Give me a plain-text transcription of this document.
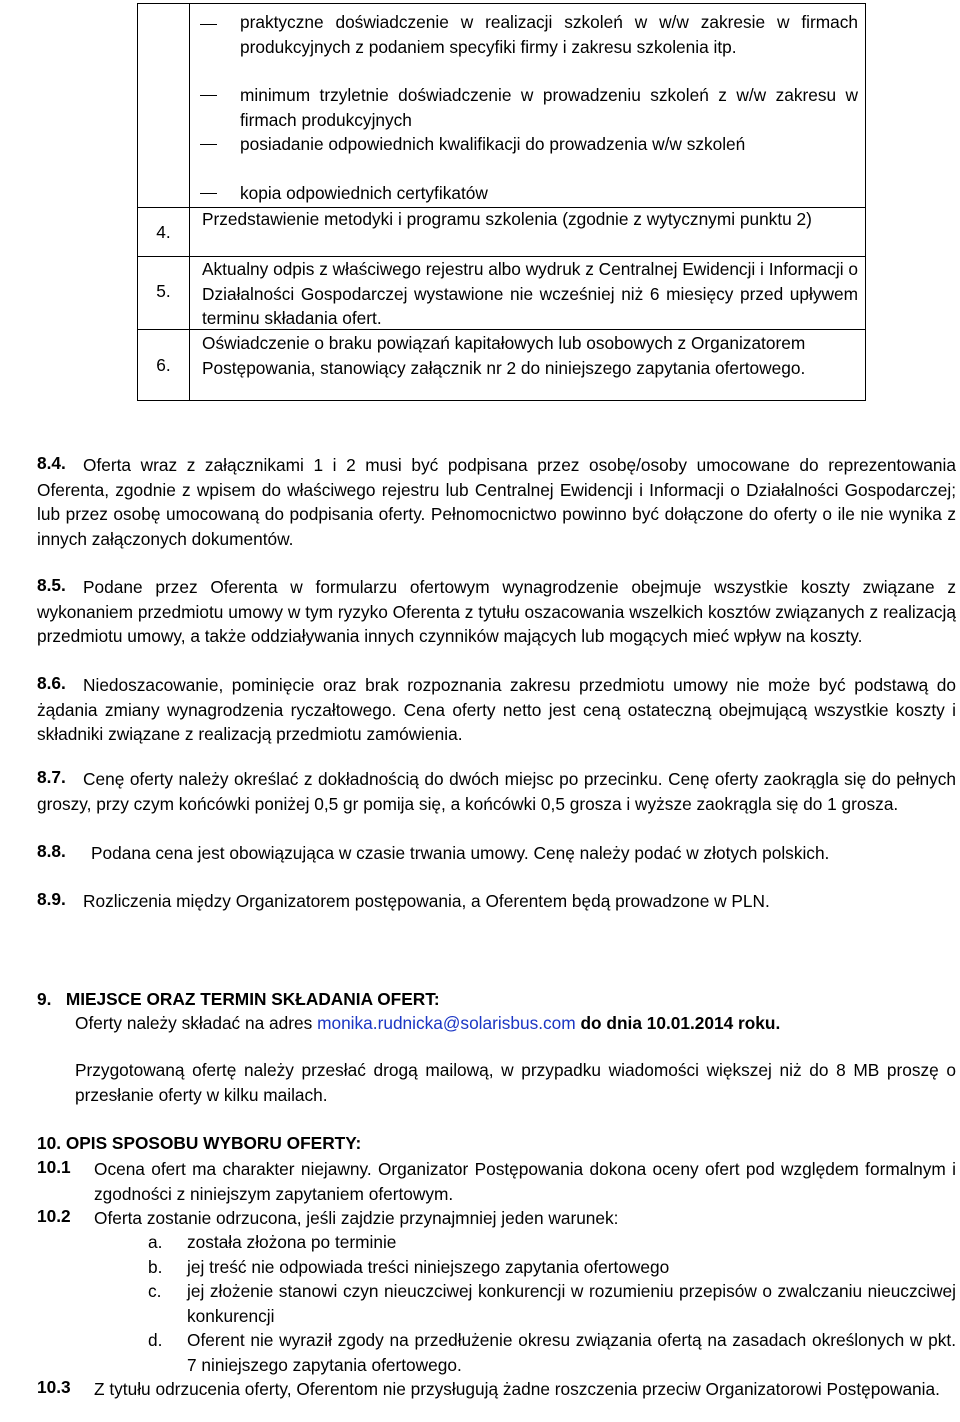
praktyczne doświadczenie w realizacji szkoleń w w/w zakresie w firmach produkcyjnych z podaniem specyfiki firmy i zakresu szkolenia itp.
minimum trzyletnie doświadczenie w prowadzeniu szkoleń z w/w zakresu w firmach produkcyjnych
posiadanie odpowiednich kwalifikacji do prowadzenia w/w szkoleń
kopia odpowiednich certyfikatów
4.
Przedstawienie metodyki i programu szkolenia (zgodnie z wytycznymi punktu 2)
5.
Aktualny odpis z właściwego rejestru albo wydruk z Centralnej Ewidencji i Informacji o Działalności Gospodarczej wystawione nie wcześniej niż 6 miesięcy przed upływem terminu składania ofert.
6.
Oświadczenie o braku powiązań kapitałowych lub osobowych z Organizatorem Postępowania, stanowiący załącznik nr 2 do niniejszego zapytania ofertowego.
8.4. Oferta wraz z załącznikami 1 i 2 musi być podpisana przez osobę/osoby umocowane do reprezentowania Oferenta, zgodnie z wpisem do właściwego rejestru lub Centralnej Ewidencji i Informacji o Działalności Gospodarczej; lub przez osobę umocowaną do podpisania oferty. Pełnomocnictwo powinno być dołączone do oferty o ile nie wynika z innych załączonych dokumentów.
8.5. Podane przez Oferenta w formularzu ofertowym wynagrodzenie obejmuje wszystkie koszty związane z wykonaniem przedmiotu umowy w tym ryzyko Oferenta z tytułu oszacowania wszelkich kosztów związanych z realizacją przedmiotu umowy, a także oddziaływania innych czynników mających lub mogących mieć wpływ na koszty.
8.6. Niedoszacowanie, pominięcie oraz brak rozpoznania zakresu przedmiotu umowy nie może być podstawą do żądania zmiany wynagrodzenia ryczałtowego. Cena oferty netto jest ceną ostateczną obejmującą wszystkie koszty i składniki związane z realizacją przedmiotu zamówienia.
8.7. Cenę oferty należy określać z dokładnością do dwóch miejsc po przecinku. Cenę oferty zaokrągla się do pełnych groszy, przy czym końcówki poniżej 0,5 gr pomija się, a końcówki 0,5 grosza i wyższe zaokrągla się do 1 grosza.
8.8.	Podana cena jest obowiązująca w czasie trwania umowy. Cenę należy podać w złotych polskich.
8.9. Rozliczenia między Organizatorem postępowania, a Oferentem będą prowadzone w PLN.
9.   MIEJSCE ORAZ TERMIN SKŁADANIA OFERT:
Oferty należy składać na adres monika.rudnicka@solarisbus.com do dnia 10.01.2014 roku.
Przygotowaną ofertę należy przesłać drogą mailową, w przypadku wiadomości większej niż do 8 MB proszę o przesłanie oferty w kilku mailach.
10. OPIS SPOSOBU WYBORU OFERTY:
10.1 Ocena ofert ma charakter niejawny. Organizator Postępowania dokona oceny ofert pod względem formalnym i zgodności z niniejszym zapytaniem ofertowym.
10.2 Oferta zostanie odrzucona, jeśli zajdzie przynajmniej jeden warunek:
a. została złożona po terminie
b. jej treść nie odpowiada treści niniejszego zapytania ofertowego
c. jej złożenie stanowi czyn nieuczciwej konkurencji w rozumieniu przepisów o zwalczaniu nieuczciwej konkurencji
d. Oferent nie wyraził zgody na przedłużenie okresu związania ofertą na zasadach określonych w pkt. 7 niniejszego zapytania ofertowego.
10.3 Z tytułu odrzucenia oferty, Oferentom nie przysługują żadne roszczenia przeciw Organizatorowi Postępowania.
